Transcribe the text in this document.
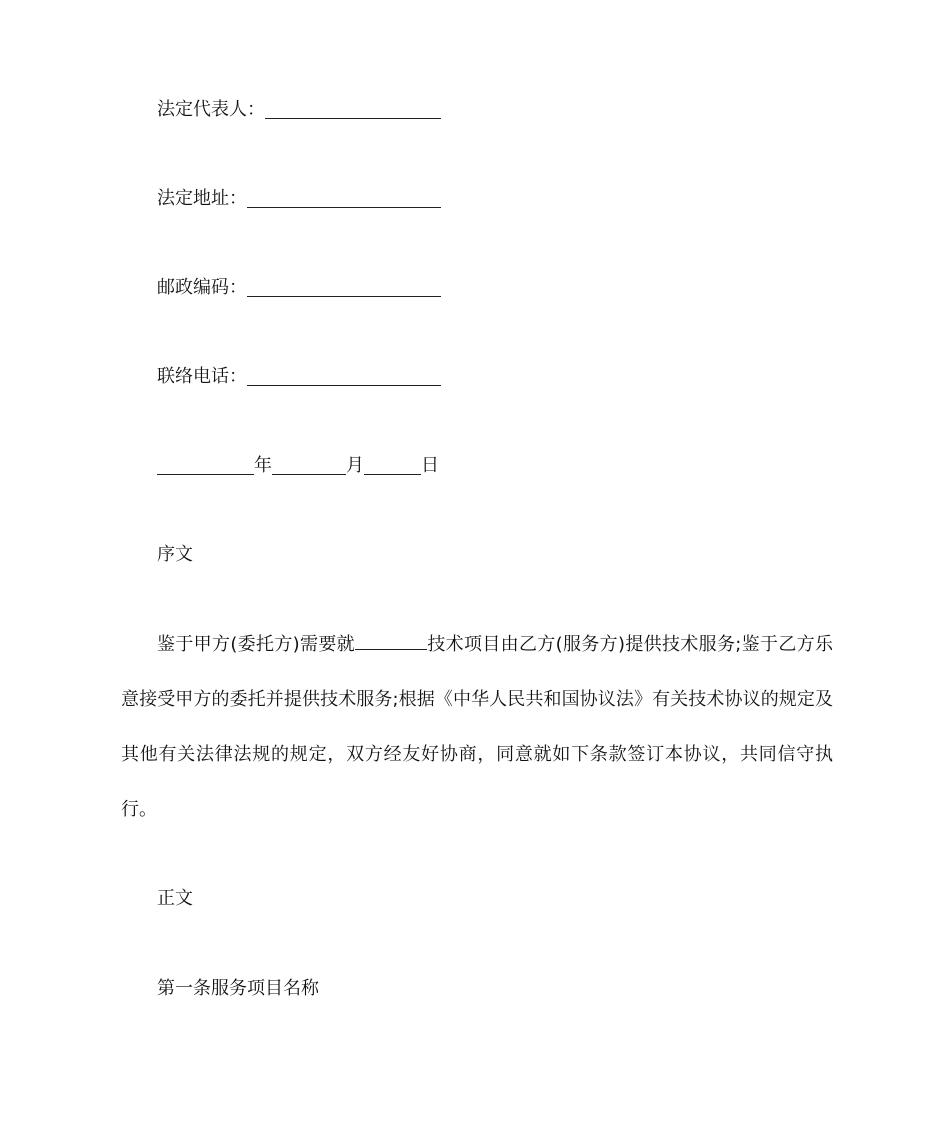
法定代表人：
法定地址：
邮政编码：
联络电话：
年	月	日
序文
鉴于甲方(委托方)需要就	技术项目由乙方(服务方)提供技术服务;鉴于乙方乐意接受甲方的委托并提供技术服务;根据《中华人民共和国协议法》有关技术协议的规定及其他有关法律法规的规定，双方经友好协商，同意就如下条款签订本协议，共同信守执行。
正文
第一条服务项目名称
